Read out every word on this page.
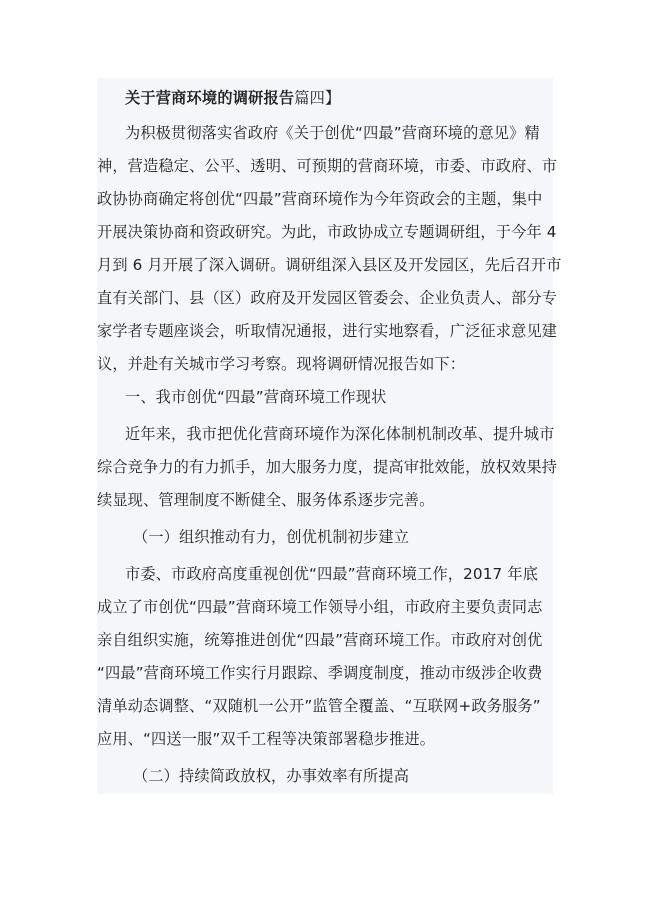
关于营商环境的调研报告篇四】
为积极贯彻落实省政府《关于创优“四最”营商环境的意见》精
神，营造稳定、公平、透明、可预期的营商环境，市委、市政府、市
政协协商确定将创优“四最”营商环境作为今年资政会的主题，集中
开展决策协商和资政研究。为此，市政协成立专题调研组，于今年 4
月到 6 月开展了深入调研。调研组深入县区及开发园区，先后召开市
直有关部门、县（区）政府及开发园区管委会、企业负责人、部分专
家学者专题座谈会，听取情况通报，进行实地察看，广泛征求意见建
议，并赴有关城市学习考察。现将调研情况报告如下：
一、我市创优“四最”营商环境工作现状
近年来，我市把优化营商环境作为深化体制机制改革、提升城市
综合竞争力的有力抓手，加大服务力度，提高审批效能，放权效果持
续显现、管理制度不断健全、服务体系逐步完善。
（一）组织推动有力，创优机制初步建立
市委、市政府高度重视创优“四最”营商环境工作，2017 年底
成立了市创优“四最”营商环境工作领导小组，市政府主要负责同志
亲自组织实施，统筹推进创优“四最”营商环境工作。市政府对创优
“四最”营商环境工作实行月跟踪、季调度制度，推动市级涉企收费
清单动态调整、“双随机一公开”监管全覆盖、“互联网+政务服务”
应用、“四送一服”双千工程等决策部署稳步推进。
（二）持续简政放权，办事效率有所提高
